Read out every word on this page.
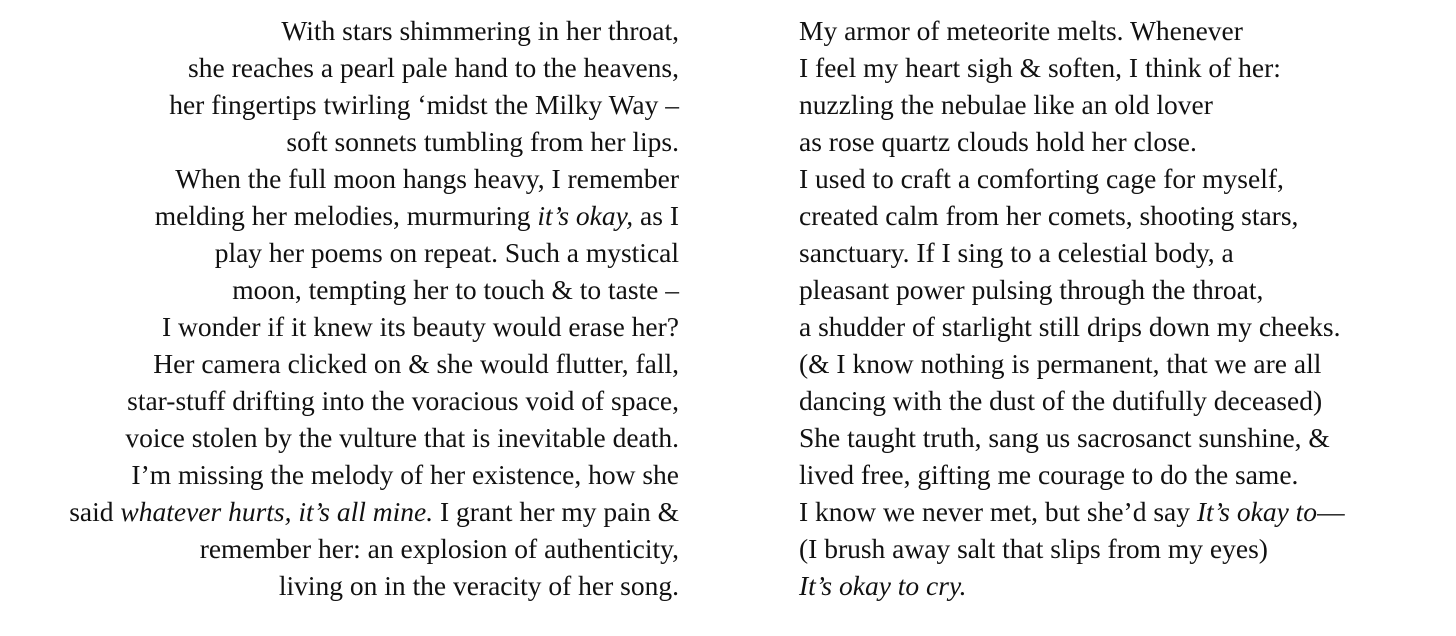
With stars shimmering in her throat,
she reaches a pearl pale hand to the heavens,
her fingertips twirling ‘midst the Milky Way –
soft sonnets tumbling from her lips.
When the full moon hangs heavy, I remember
melding her melodies, murmuring it’s okay, as I
play her poems on repeat. Such a mystical
moon, tempting her to touch & to taste –
I wonder if it knew its beauty would erase her?
Her camera clicked on & she would flutter, fall,
star-stuff drifting into the voracious void of space,
voice stolen by the vulture that is inevitable death.
I’m missing the melody of her existence, how she
said whatever hurts, it’s all mine. I grant her my pain &
remember her: an explosion of authenticity,
living on in the veracity of her song.
My armor of meteorite melts. Whenever
I feel my heart sigh & soften, I think of her:
nuzzling the nebulae like an old lover
as rose quartz clouds hold her close.
I used to craft a comforting cage for myself,
created calm from her comets, shooting stars,
sanctuary. If I sing to a celestial body, a
pleasant power pulsing through the throat,
a shudder of starlight still drips down my cheeks.
(& I know nothing is permanent, that we are all
dancing with the dust of the dutifully deceased)
She taught truth, sang us sacrosanct sunshine, &
lived free, gifting me courage to do the same.
I know we never met, but she’d say It’s okay to—
(I brush away salt that slips from my eyes)
It’s okay to cry.
